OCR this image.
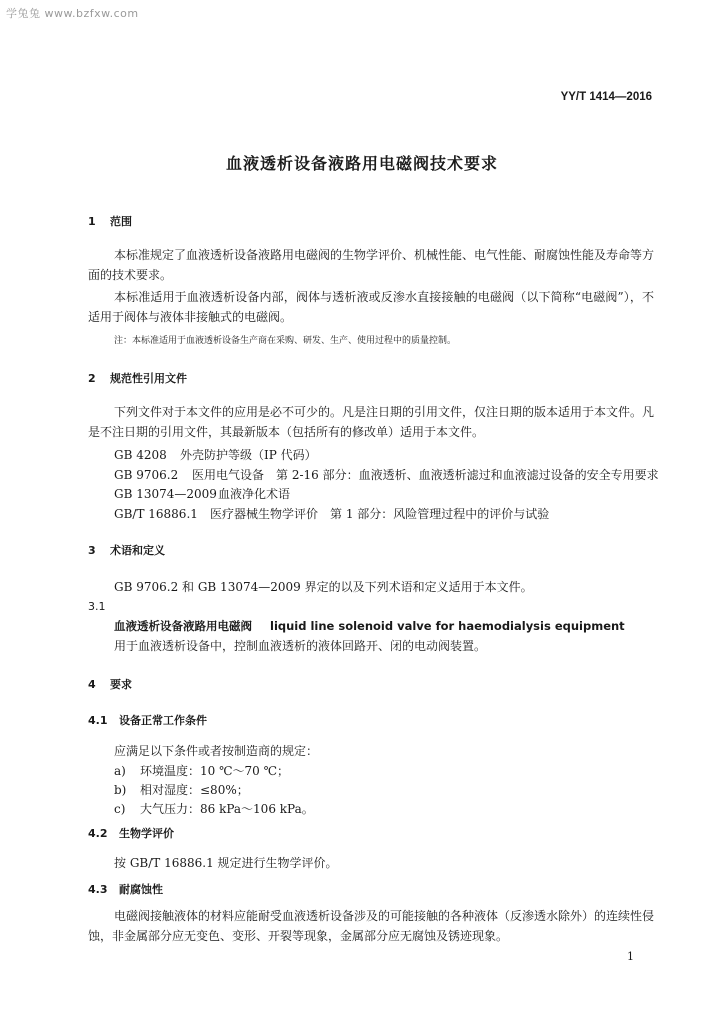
学兔兔 www.bzfxw.com
YY/T 1414—2016
血液透析设备液路用电磁阀技术要求
1 范围
本标准规定了血液透析设备液路用电磁阀的生物学评价、机械性能、电气性能、耐腐蚀性能及寿命等方面的技术要求。
本标准适用于血液透析设备内部，阀体与透析液或反渗水直接接触的电磁阀（以下简称“电磁阀”），不适用于阀体与液体非接触式的电磁阀。
注：本标准适用于血液透析设备生产商在采购、研发、生产、使用过程中的质量控制。
2 规范性引用文件
下列文件对于本文件的应用是必不可少的。凡是注日期的引用文件，仅注日期的版本适用于本文件。凡是不注日期的引用文件，其最新版本（包括所有的修改单）适用于本文件。
GB 4208 外壳防护等级（IP 代码）
GB 9706.2 医用电气设备　第 2-16 部分：血液透析、血液透析滤过和血液滤过设备的安全专用要求
GB 13074—2009血液净化术语
GB/T 16886.1 医疗器械生物学评价　第 1 部分：风险管理过程中的评价与试验
3 术语和定义
GB 9706.2 和 GB 13074—2009 界定的以及下列术语和定义适用于本文件。
3.1
血液透析设备液路用电磁阀 liquid line solenoid valve for haemodialysis equipment
用于血液透析设备中，控制血液透析的液体回路开、闭的电动阀装置。
4 要求
4.1 设备正常工作条件
应满足以下条件或者按制造商的规定：
a) 环境温度：10 ℃～70 ℃；
b) 相对湿度：≤80%；
c) 大气压力：86 kPa～106 kPa。
4.2 生物学评价
按 GB/T 16886.1 规定进行生物学评价。
4.3 耐腐蚀性
电磁阀接触液体的材料应能耐受血液透析设备涉及的可能接触的各种液体（反渗透水除外）的连续性侵蚀，非金属部分应无变色、变形、开裂等现象，金属部分应无腐蚀及锈迹现象。
1
